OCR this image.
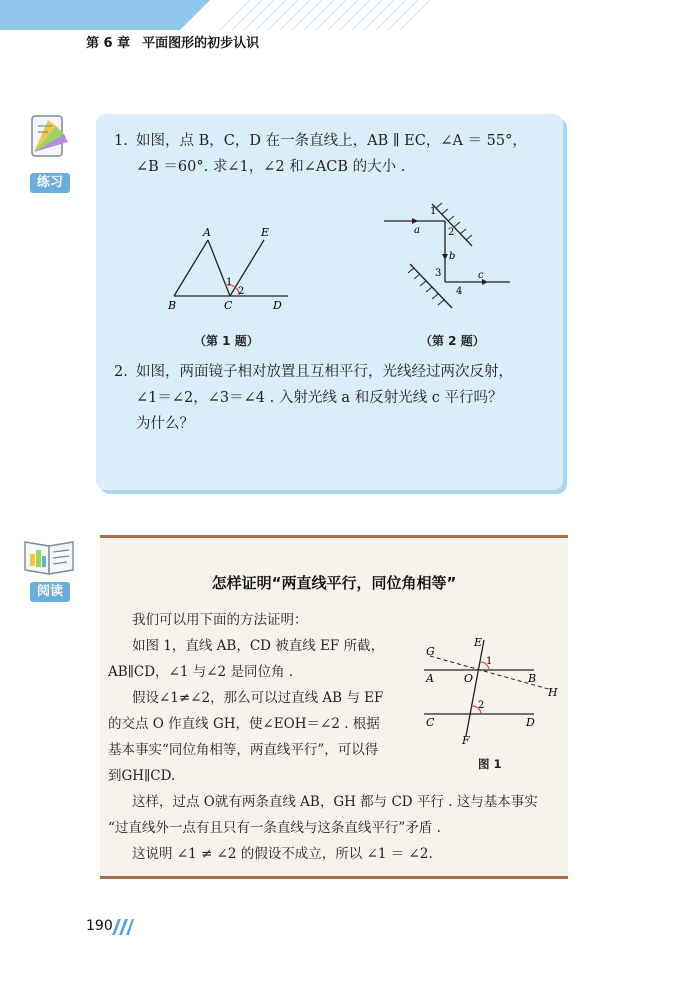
第 6 章 平面图形的初步认识
练习
1. 如图，点 B，C，D 在一条直线上，AB ∥ EC，∠A ＝ 55°，
∠B ＝60°. 求∠1，∠2 和∠ACB 的大小 .
A	E
B	C	D
1
2
（第 1 题）
1
2
3
4
a
b
c
（第 2 题）
2. 如图，两面镜子相对放置且互相平行，光线经过两次反射，
∠1＝∠2，∠3＝∠4 . 入射光线 a 和反射光线 c 平行吗？
为什么？
阅读	怎样证明“两直线平行，同位角相等”
我们可以用下面的方法证明：
如图 1，直线 AB，CD 被直线 EF 所截，
AB∥CD，∠1 与∠2 是同位角 .
假设∠1≠∠2，那么可以过直线 AB 与 EF
的交点 O 作直线 GH，使∠EOH＝∠2 . 根据
基本事实“同位角相等，两直线平行”，可以得
到GH∥CD.
这样，过点 O就有两条直线 AB，GH 都与 CD 平行 . 这与基本事实
“过直线外一点有且只有一条直线与这条直线平行”矛盾 .
这说明 ∠1 ≠ ∠2 的假设不成立，所以 ∠1 ＝ ∠2.
E
G
1
A	O	B
H
2
C	D
F
图 1
190
